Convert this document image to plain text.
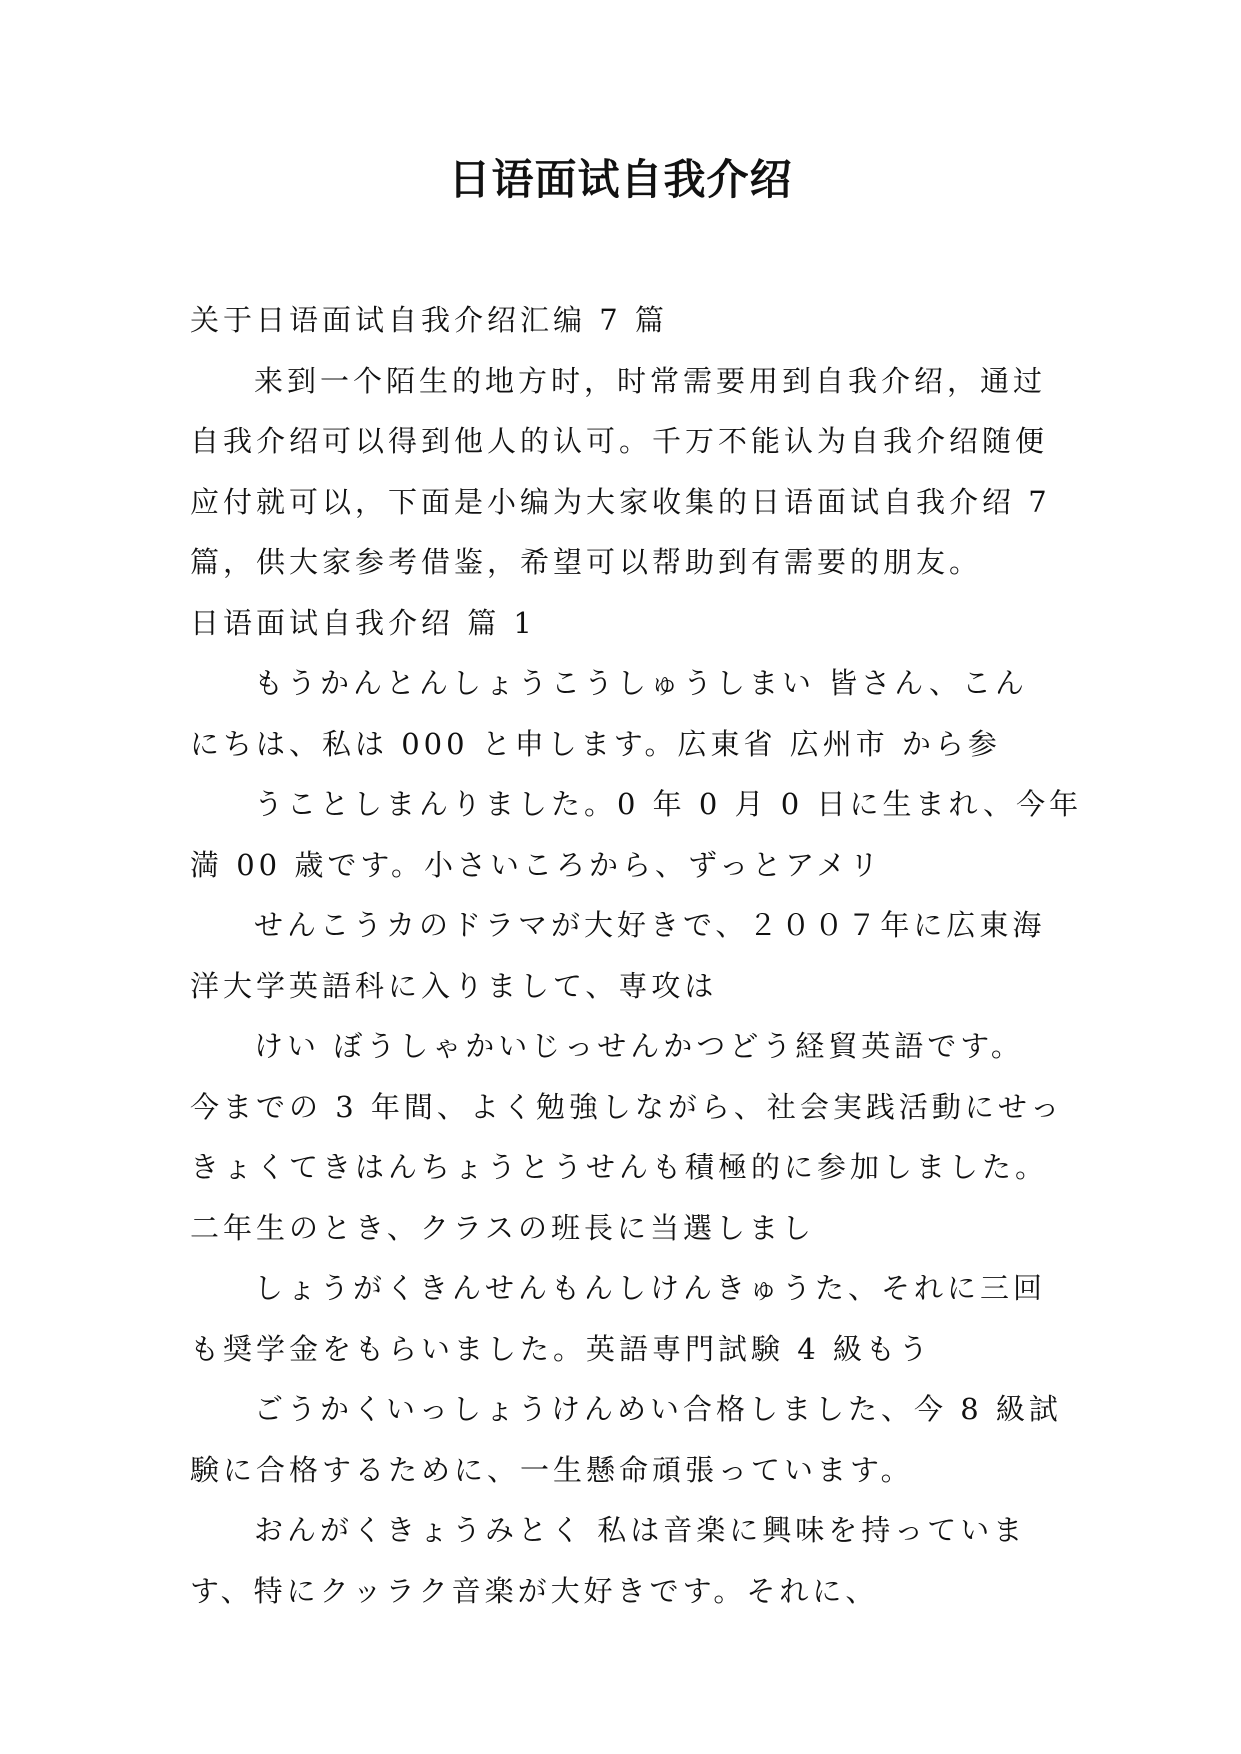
日语面试自我介绍
关于日语面试自我介绍汇编 7 篇
来到一个陌生的地方时，时常需要用到自我介绍，通过
自我介绍可以得到他人的认可。千万不能认为自我介绍随便
应付就可以，下面是小编为大家收集的日语面试自我介绍 7
篇，供大家参考借鉴，希望可以帮助到有需要的朋友。
日语面试自我介绍 篇 1
もうかんとんしょうこうしゅうしまい 皆さん、こん
にちは、私は 000 と申します。広東省 広州市 から参
うことしまんりました。0 年 0 月 0 日に生まれ、今年
満 00 歳です。小さいころから、ずっとアメリ
せんこうカのドラマが大好きで、２００７年に広東海
洋大学英語科に入りまして、専攻は
けい ぼうしゃかいじっせんかつどう経貿英語です。
今までの 3 年間、よく勉強しながら、社会実践活動にせっ
きょくてきはんちょうとうせんも積極的に参加しました。
二年生のとき、クラスの班長に当選しまし
しょうがくきんせんもんしけんきゅうた、それに三回
も奨学金をもらいました。英語専門試験 4 級もう
ごうかくいっしょうけんめい合格しました、今 8 級試
験に合格するために、一生懸命頑張っています。
おんがくきょうみとく 私は音楽に興味を持っていま
す、特にクッラク音楽が大好きです。それに、
